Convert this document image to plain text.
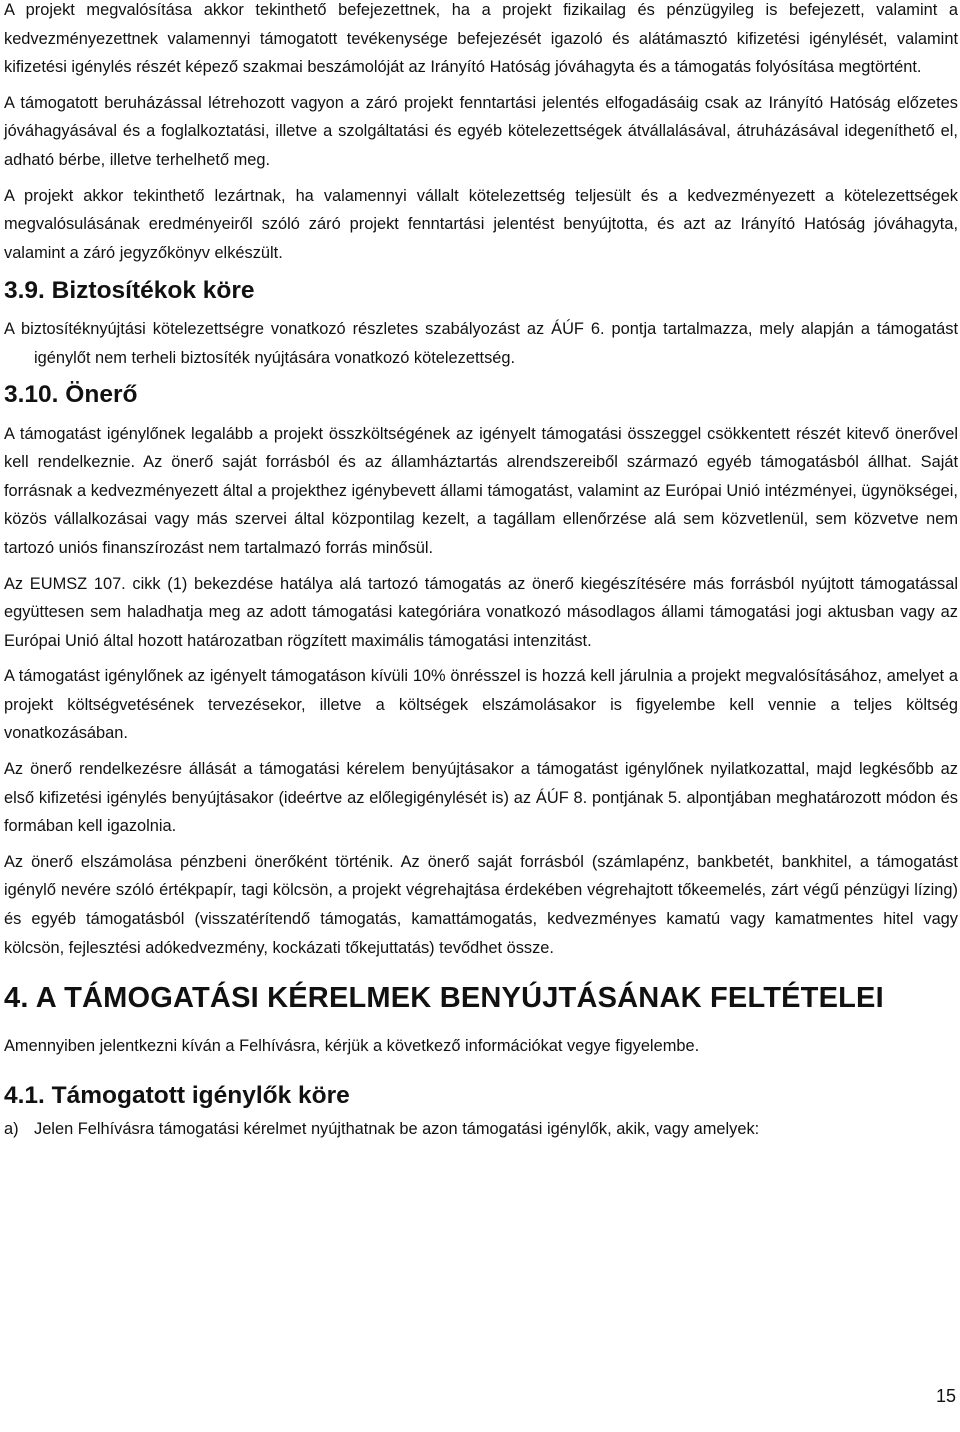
A projekt megvalósítása akkor tekinthető befejezettnek, ha a projekt fizikailag és pénzügyileg is befejezett, valamint a kedvezményezettnek valamennyi támogatott tevékenysége befejezését igazoló és alátámasztó kifizetési igénylését, valamint kifizetési igénylés részét képező szakmai beszámolóját az Irányító Hatóság jóváhagyta és a támogatás folyósítása megtörtént.

A támogatott beruházással létrehozott vagyon a záró projekt fenntartási jelentés elfogadásáig csak az Irányító Hatóság előzetes jóváhagyásával és a foglalkoztatási, illetve a szolgáltatási és egyéb kötelezettségek átvállalásával, átruházásával idegeníthető el, adható bérbe, illetve terhelhető meg.

A projekt akkor tekinthető lezártnak, ha valamennyi vállalt kötelezettség teljesült és a kedvezményezett a kötelezettségek megvalósulásának eredményeiről szóló záró projekt fenntartási jelentést benyújtotta, és azt az Irányító Hatóság jóváhagyta, valamint a záró jegyzőkönyv elkészült.

3.9. Biztosítékok köre

A biztosítéknyújtási kötelezettségre vonatkozó részletes szabályozást az ÁÚF 6. pontja tartalmazza, mely alapján a támogatást igénylőt nem terheli biztosíték nyújtására vonatkozó kötelezettség.

3.10. Önerő

A támogatást igénylőnek legalább a projekt összköltségének az igényelt támogatási összeggel csökkentett részét kitevő önerővel kell rendelkeznie. Az önerő saját forrásból és az államháztartás alrendszereiből származó egyéb támogatásból állhat. Saját forrásnak a kedvezményezett által a projekthez igénybevett állami támogatást, valamint az Európai Unió intézményei, ügynökségei, közös vállalkozásai vagy más szervei által központilag kezelt, a tagállam ellenőrzése alá sem közvetlenül, sem közvetve nem tartozó uniós finanszírozást nem tartalmazó forrás minősül.

Az EUMSZ 107. cikk (1) bekezdése hatálya alá tartozó támogatás az önerő kiegészítésére más forrásból nyújtott támogatással együttesen sem haladhatja meg az adott támogatási kategóriára vonatkozó másodlagos állami támogatási jogi aktusban vagy az Európai Unió által hozott határozatban rögzített maximális támogatási intenzitást.

A támogatást igénylőnek az igényelt támogatáson kívüli 10% önrésszel is hozzá kell járulnia a projekt megvalósításához, amelyet a projekt költségvetésének tervezésekor, illetve a költségek elszámolásakor is figyelembe kell vennie a teljes költség vonatkozásában.

Az önerő rendelkezésre állását a támogatási kérelem benyújtásakor a támogatást igénylőnek nyilatkozattal, majd legkésőbb az első kifizetési igénylés benyújtásakor (ideértve az előlegigénylését is) az ÁÚF 8. pontjának 5. alpontjában meghatározott módon és formában kell igazolnia.

Az önerő elszámolása pénzbeni önerőként történik. Az önerő saját forrásból (számlapénz, bankbetét, bankhitel, a támogatást igénylő nevére szóló értékpapír, tagi kölcsön, a projekt végrehajtása érdekében végrehajtott tőkeemelés, zárt végű pénzügyi lízing) és egyéb támogatásból (visszatérítendő támogatás, kamattámogatás, kedvezményes kamatú vagy kamatmentes hitel vagy kölcsön, fejlesztési adókedvezmény, kockázati tőkejuttatás) tevődhet össze.

4. A TÁMOGATÁSI KÉRELMEK BENYÚJTÁSÁNAK FELTÉTELEI

Amennyiben jelentkezni kíván a Felhívásra, kérjük a következő információkat vegye figyelembe.

4.1. Támogatott igénylők köre
a) Jelen Felhívásra támogatási kérelmet nyújthatnak be azon támogatási igénylők, akik, vagy amelyek:
15
